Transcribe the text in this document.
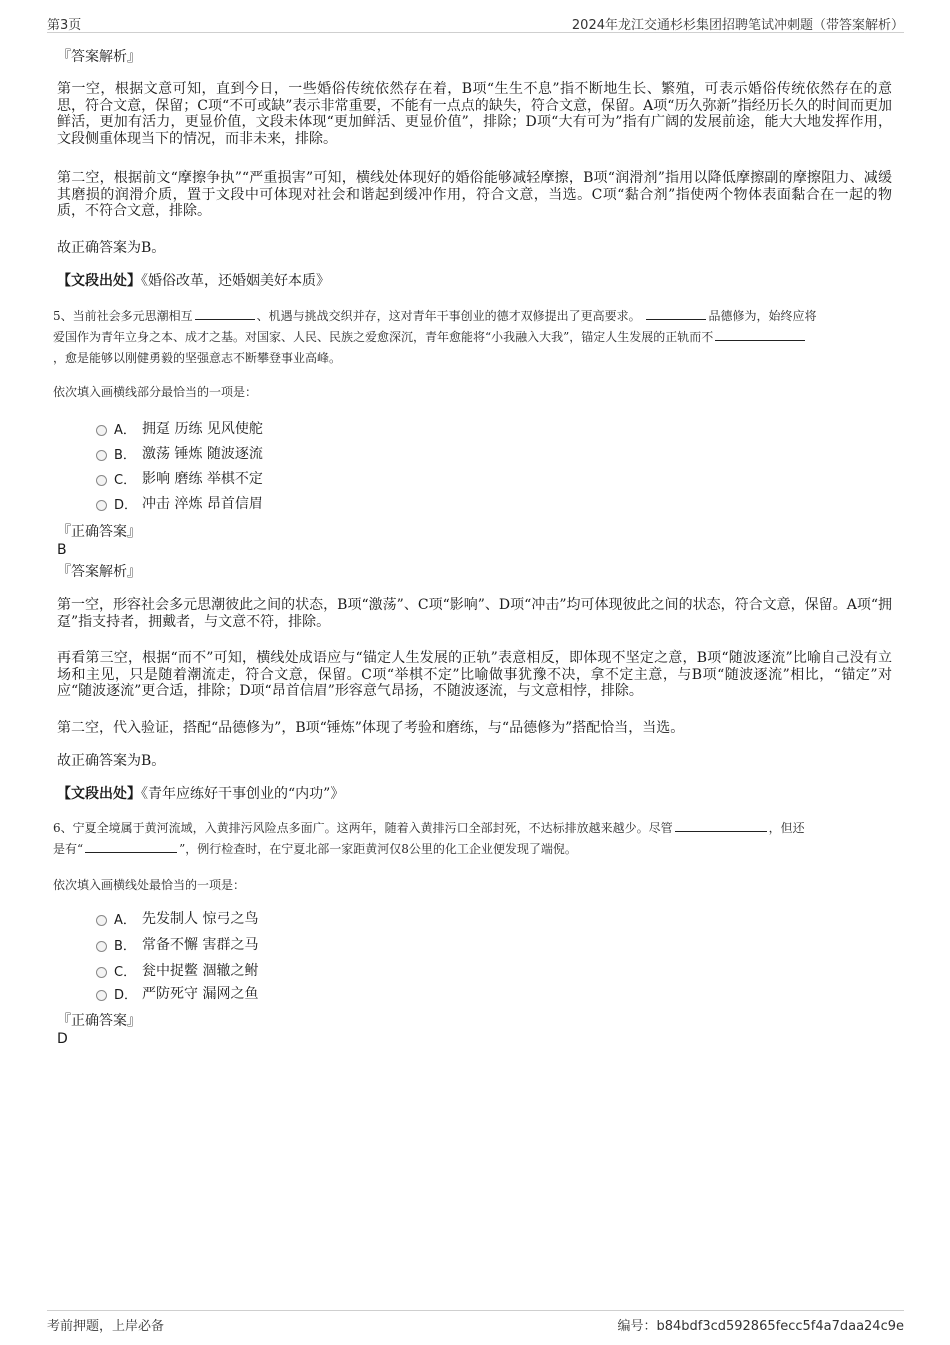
第3页	2024年龙江交通杉杉集团招聘笔试冲刺题（带答案解析）
『答案解析』
第一空，根据文意可知，直到今日，一些婚俗传统依然存在着，B项“生生不息”指不断地生长、繁殖，可表示婚俗传统依然存在的意思，符合文意，保留；C项“不可或缺”表示非常重要，不能有一点点的缺失，符合文意，保留。A项“历久弥新”指经历长久的时间而更加鲜活，更加有活力，更显价值，文段未体现“更加鲜活、更显价值”，排除；D项“大有可为”指有广阔的发展前途，能大大地发挥作用，文段侧重体现当下的情况，而非未来，排除。
第二空，根据前文“摩擦争执”“严重损害”可知，横线处体现好的婚俗能够减轻摩擦，B项“润滑剂”指用以降低摩擦副的摩擦阻力、减缓其磨损的润滑介质，置于文段中可体现对社会和谐起到缓冲作用，符合文意，当选。C项“黏合剂”指使两个物体表面黏合在一起的物质，不符合文意，排除。
故正确答案为B。
【文段出处】《婚俗改革，还婚姻美好本质》
5、当前社会多元思潮相互	、机遇与挑战交织并存，这对青年干事创业的德才双修提出了更高要求。	品德修为，始终应将
爱国作为青年立身之本、成才之基。对国家、人民、民族之爱愈深沉，青年愈能将“小我融入大我”，锚定人生发展的正轨而不
，愈是能够以刚健勇毅的坚强意志不断攀登事业高峰。
依次填入画横线部分最恰当的一项是：
A． 拥趸 历练 见风使舵
B． 激荡 锤炼 随波逐流
C． 影响 磨练 举棋不定
D． 冲击 淬炼 昂首信眉
『正确答案』
B
『答案解析』
第一空，形容社会多元思潮彼此之间的状态，B项“激荡”、C项“影响”、D项“冲击”均可体现彼此之间的状态，符合文意，保留。A项“拥趸”指支持者，拥戴者，与文意不符，排除。
再看第三空，根据“而不”可知，横线处成语应与“锚定人生发展的正轨”表意相反，即体现不坚定之意，B项“随波逐流”比喻自己没有立场和主见，只是随着潮流走，符合文意，保留。C项“举棋不定”比喻做事犹豫不决，拿不定主意，与B项“随波逐流”相比，“锚定”对应“随波逐流”更合适，排除；D项“昂首信眉”形容意气昂扬，不随波逐流，与文意相悖，排除。
第二空，代入验证，搭配“品德修为”，B项“锤炼”体现了考验和磨练，与“品德修为”搭配恰当，当选。
故正确答案为B。
【文段出处】《青年应练好干事创业的“内功”》
6、宁夏全境属于黄河流域，入黄排污风险点多面广。这两年，随着入黄排污口全部封死，不达标排放越来越少。尽管	，但还
是有“	”，例行检查时，在宁夏北部一家距黄河仅8公里的化工企业便发现了端倪。
依次填入画横线处最恰当的一项是：
A． 先发制人 惊弓之鸟
B． 常备不懈 害群之马
C． 瓮中捉鳖 涸辙之鲋
D． 严防死守 漏网之鱼
『正确答案』
D
考前押题，上岸必备	编号：b84bdf3cd592865fecc5f4a7daa24c9e
